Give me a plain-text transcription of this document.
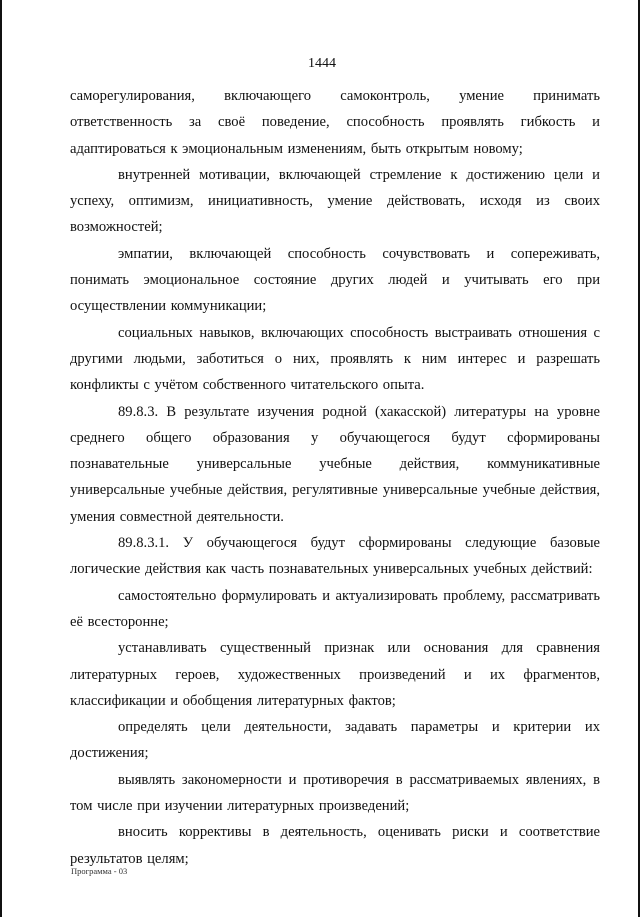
1444

саморегулирования, включающего самоконтроль, умение принимать ответственность за своё поведение, способность проявлять гибкость и адаптироваться к эмоциональным изменениям, быть открытым новому;

внутренней мотивации, включающей стремление к достижению цели и успеху, оптимизм, инициативность, умение действовать, исходя из своих возможностей;

эмпатии, включающей способность сочувствовать и сопереживать, понимать эмоциональное состояние других людей и учитывать его при осуществлении коммуникации;

социальных навыков, включающих способность выстраивать отношения с другими людьми, заботиться о них, проявлять к ним интерес и разрешать конфликты с учётом собственного читательского опыта.

89.8.3. В результате изучения родной (хакасской) литературы на уровне среднего общего образования у обучающегося будут сформированы познавательные универсальные учебные действия, коммуникативные универсальные учебные действия, регулятивные универсальные учебные действия, умения совместной деятельности.

89.8.3.1. У обучающегося будут сформированы следующие базовые логические действия как часть познавательных универсальных учебных действий:

самостоятельно формулировать и актуализировать проблему, рассматривать её всесторонне;

устанавливать существенный признак или основания для сравнения литературных героев, художественных произведений и их фрагментов, классификации и обобщения литературных фактов;

определять цели деятельности, задавать параметры и критерии их достижения;

выявлять закономерности и противоречия в рассматриваемых явлениях, в том числе при изучении литературных произведений;

вносить коррективы в деятельность, оценивать риски и соответствие результатов целям;

Программа - 03
